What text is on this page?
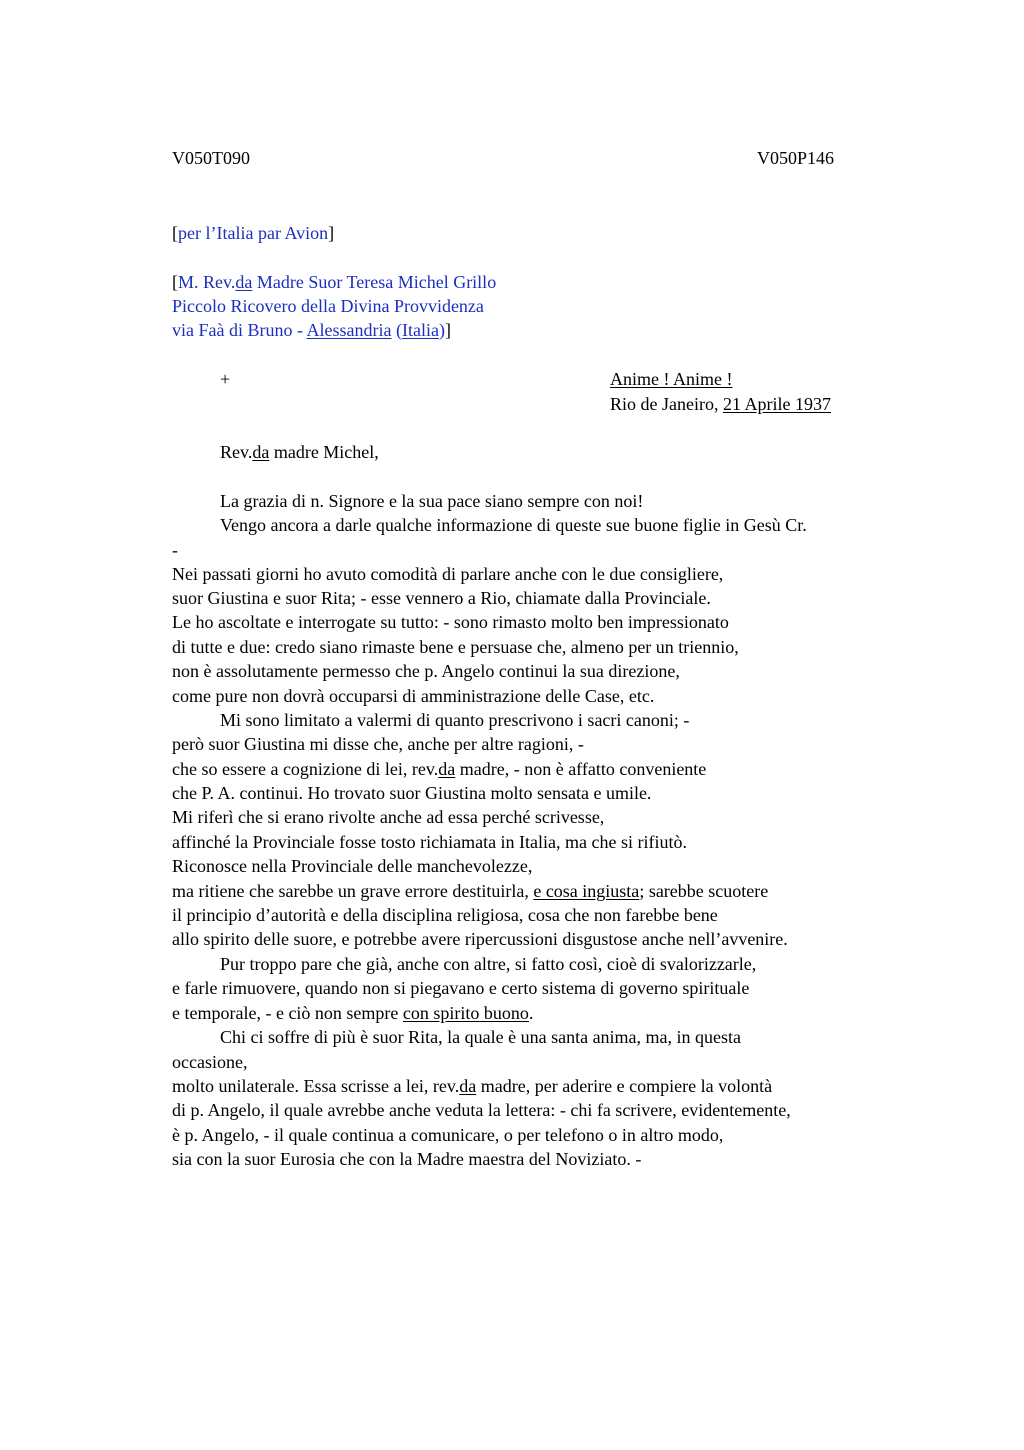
V050T090	V050P146
[per l’Italia par Avion]
[M. Rev.da Madre Suor Teresa Michel Grillo
Piccolo Ricovero della Divina Provvidenza
via Faà di Bruno - Alessandria (Italia)]
+	Anime ! Anime !
Rio de Janeiro, 21 Aprile 1937
Rev.da madre Michel,
La grazia di n. Signore e la sua pace siano sempre con noi!
Vengo ancora a darle qualche informazione di queste sue buone figlie in Gesù Cr.
-
Nei passati giorni ho avuto comodità di parlare anche con le due consigliere,
suor Giustina e suor Rita; - esse vennero a Rio, chiamate dalla Provinciale.
Le ho ascoltate e interrogate su tutto: - sono rimasto molto ben impressionato
di tutte e due: credo siano rimaste bene e persuase che, almeno per un triennio,
non è assolutamente permesso che p. Angelo continui la sua direzione,
come pure non dovrà occuparsi di amministrazione delle Case, etc.
Mi sono limitato a valermi di quanto prescrivono i sacri canoni; -
però suor Giustina mi disse che, anche per altre ragioni, -
che so essere a cognizione di lei, rev.da madre, - non è affatto conveniente
che P. A. continui. Ho trovato suor Giustina molto sensata e umile.
Mi riferì che si erano rivolte anche ad essa perché scrivesse,
affinché la Provinciale fosse tosto richiamata in Italia, ma che si rifiutò.
Riconosce nella Provinciale delle manchevolezze,
ma ritiene che sarebbe un grave errore destituirla, e cosa ingiusta; sarebbe scuotere
il principio d’autorità e della disciplina religiosa, cosa che non farebbe bene
allo spirito delle suore, e potrebbe avere ripercussioni disgustose anche nell’avvenire.
Pur troppo pare che già, anche con altre, si fatto così, cioè di svalorizzarle,
e farle rimuovere, quando non si piegavano e certo sistema di governo spirituale
e temporale, - e ciò non sempre con spirito buono.
Chi ci soffre di più è suor Rita, la quale è una santa anima, ma, in questa
occasione,
molto unilaterale. Essa scrisse a lei, rev.da madre, per aderire e compiere la volontà
di p. Angelo, il quale avrebbe anche veduta la lettera: - chi fa scrivere, evidentemente,
è p. Angelo, - il quale continua a comunicare, o per telefono o in altro modo,
sia con la suor Eurosia che con la Madre maestra del Noviziato. -
